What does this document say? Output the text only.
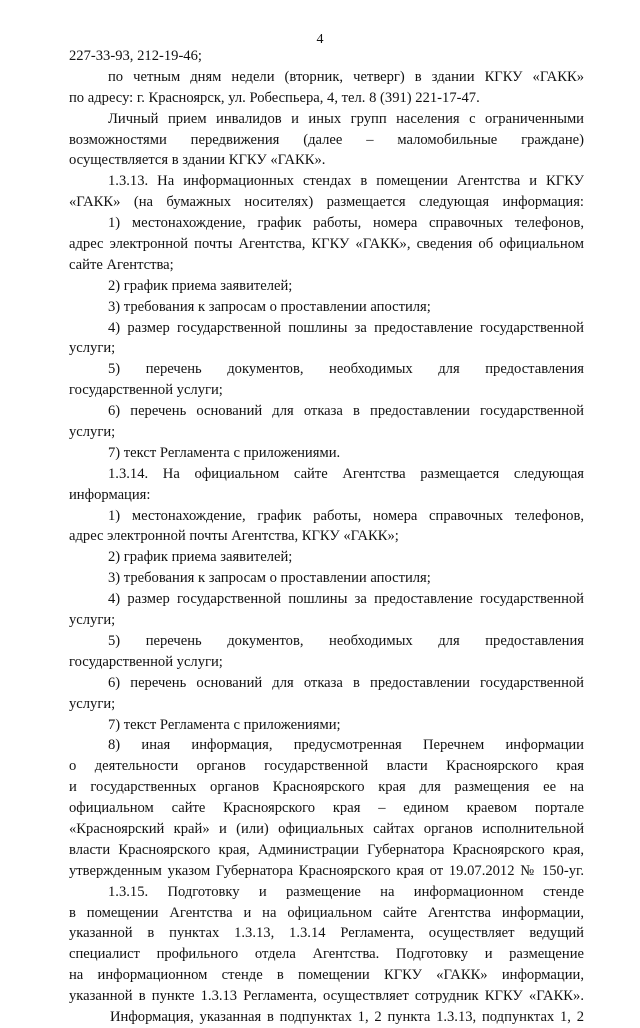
4
227-33-93, 212-19-46;
по четным дням недели (вторник, четверг) в здании КГКУ «ГАКК»
по адресу: г. Красноярск, ул. Робеспьера, 4, тел. 8 (391) 221-17-47.
Личный прием инвалидов и иных групп населения с ограниченными
возможностями передвижения (далее – маломобильные граждане)
осуществляется в здании КГКУ «ГАКК».
1.3.13. На информационных стендах в помещении Агентства и КГКУ
«ГАКК» (на бумажных носителях) размещается следующая информация:
1) местонахождение, график работы, номера справочных телефонов,
адрес электронной почты Агентства, КГКУ «ГАКК», сведения об официальном
сайте Агентства;
2) график приема заявителей;
3) требования к запросам о проставлении апостиля;
4) размер государственной пошлины за предоставление государственной
услуги;
5) перечень документов, необходимых для предоставления
государственной услуги;
6) перечень оснований для отказа в предоставлении государственной
услуги;
7) текст Регламента с приложениями.
1.3.14. На официальном сайте Агентства размещается следующая
информация:
1) местонахождение, график работы, номера справочных телефонов,
адрес электронной почты Агентства, КГКУ «ГАКК»;
2) график приема заявителей;
3) требования к запросам о проставлении апостиля;
4) размер государственной пошлины за предоставление государственной
услуги;
5) перечень документов, необходимых для предоставления
государственной услуги;
6) перечень оснований для отказа в предоставлении государственной
услуги;
7) текст Регламента с приложениями;
8) иная информация, предусмотренная Перечнем информации
о деятельности органов государственной власти Красноярского края
и государственных органов Красноярского края для размещения ее на
официальном сайте Красноярского края – едином краевом портале
«Красноярский край» и (или) официальных сайтах органов исполнительной
власти Красноярского края, Администрации Губернатора Красноярского края,
утвержденным указом Губернатора Красноярского края от 19.07.2012 № 150-уг.
1.3.15. Подготовку и размещение на информационном стенде
в помещении Агентства и на официальном сайте Агентства информации,
указанной в пунктах 1.3.13, 1.3.14 Регламента, осуществляет ведущий
специалист профильного отдела Агентства. Подготовку и размещение
на информационном стенде в помещении КГКУ «ГАКК» информации,
указанной в пункте 1.3.13 Регламента, осуществляет сотрудник КГКУ «ГАКК».
Информация, указанная в подпунктах 1, 2 пункта 1.3.13, подпунктах 1, 2
